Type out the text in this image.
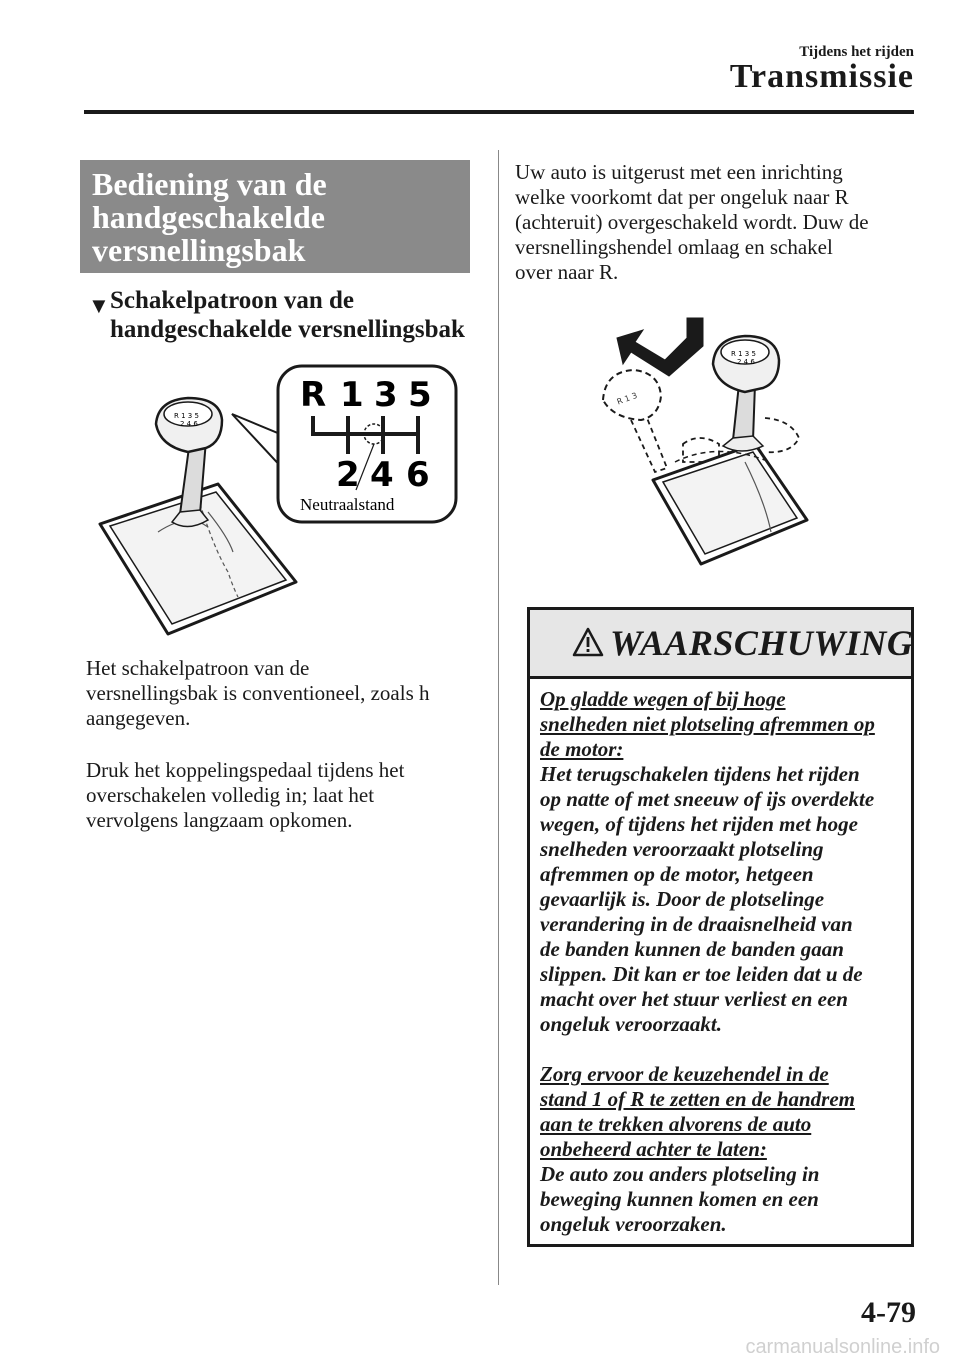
Tijdens het rijden
Transmissie
Bediening van de
handgeschakelde
versnellingsbak
▼ Schakelpatroon van de
handgeschakelde versnellingsbak
R 1 3 5
2 4 6
R 1 3 5
2 4 6
Neutraalstand
Het schakelpatroon van de
versnellingsbak is conventioneel, zoals h
aangegeven.
Druk het koppelingspedaal tijdens het
overschakelen volledig in; laat het
vervolgens langzaam opkomen.
Uw auto is uitgerust met een inrichting
welke voorkomt dat per ongeluk naar R
(achteruit) overgeschakeld wordt. Duw de
versnellingshendel omlaag en schakel
over naar R.
R 1 3
R 1 3 5
2 4 6
WAARSCHUWING
Op gladde wegen of bij hoge
snelheden niet plotseling afremmen op
de motor:
Het terugschakelen tijdens het rijden
op natte of met sneeuw of ijs overdekte
wegen, of tijdens het rijden met hoge
snelheden veroorzaakt plotseling
afremmen op de motor, hetgeen
gevaarlijk is. Door de plotselinge
verandering in de draaisnelheid van
de banden kunnen de banden gaan
slippen. Dit kan er toe leiden dat u de
macht over het stuur verliest en een
ongeluk veroorzaakt.
Zorg ervoor de keuzehendel in de
stand 1 of R te zetten en de handrem
aan te trekken alvorens de auto
onbeheerd achter te laten:
De auto zou anders plotseling in
beweging kunnen komen en een
ongeluk veroorzaken.
4-79
carmanualsonline.info
